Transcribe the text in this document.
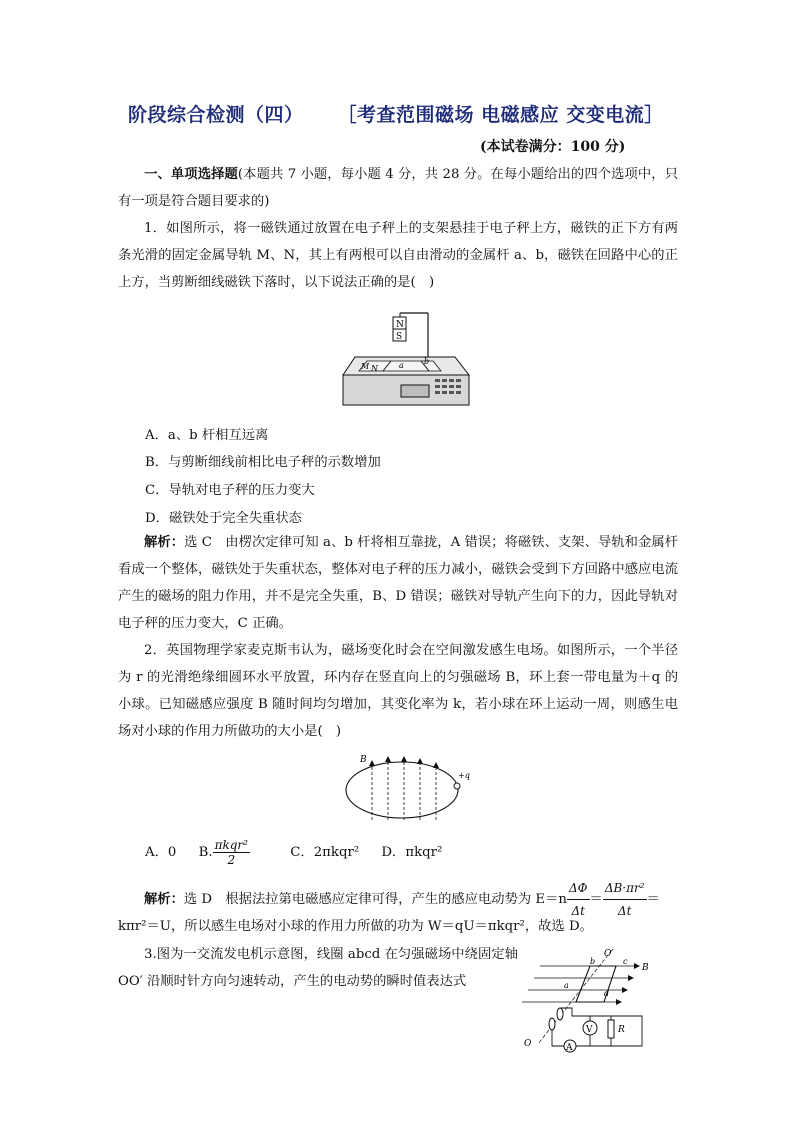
阶段综合检测（四） ［考查范围磁场 电磁感应 交变电流］
(本试卷满分：100 分)
一、单项选择题(本题共 7 小题，每小题 4 分，共 28 分。在每小题给出的四个选项中，只有一项是符合题目要求的)
1．如图所示，将一磁铁通过放置在电子秤上的支架悬挂于电子秤上方，磁铁的正下方有两条光滑的固定金属导轨 M、N，其上有两根可以自由滑动的金属杆 a、b，磁铁在回路中心的正上方，当剪断细线磁铁下落时，以下说法正确的是(　)
N
S
M N	a	b
A．a、b 杆相互远离
B．与剪断细线前相比电子秤的示数增加
C．导轨对电子秤的压力变大
D．磁铁处于完全失重状态
解析：选 C　由楞次定律可知 a、b 杆将相互靠拢，A 错误；将磁铁、支架、导轨和金属杆看成一个整体，磁铁处于失重状态，整体对电子秤的压力减小，磁铁会受到下方回路中感应电流产生的磁场的阻力作用，并不是完全失重，B、D 错误；磁铁对导轨产生向下的力，因此导轨对电子秤的压力变大，C 正确。
2．英国物理学家麦克斯韦认为，磁场变化时会在空间激发感生电场。如图所示，一个半径为 r 的光滑绝缘细圆环水平放置，环内存在竖直向上的匀强磁场 B，环上套一带电量为＋q 的小球。已知磁感应强度 B 随时间均匀增加，其变化率为 k，若小球在环上运动一周，则感生电场对小球的作用力所做功的大小是(　)
B
+q
A．0 B. $\frac{\text{πkqr²}}{2}$ C．2πkqr² D．πkqr²
解析：选 D　根据法拉第电磁感应定律可得，产生的感应电动势为 $E=n \frac{\Delta\Phi}{\Delta t} = \frac{\text{ΔB·πr²}}{\Delta t}$ ＝
kπr²＝U，所以感生电场对小球的作用力所做的功为 W＝qU＝πkqr²，故选 D。
3.图为一交流发电机示意图，线圈 abcd 在匀强磁场中绕固定轴 OO′ 沿顺时针方向匀速转动，产生的电动势的瞬时值表达式
O′
b	c
B
a
d
V	R
O	A
